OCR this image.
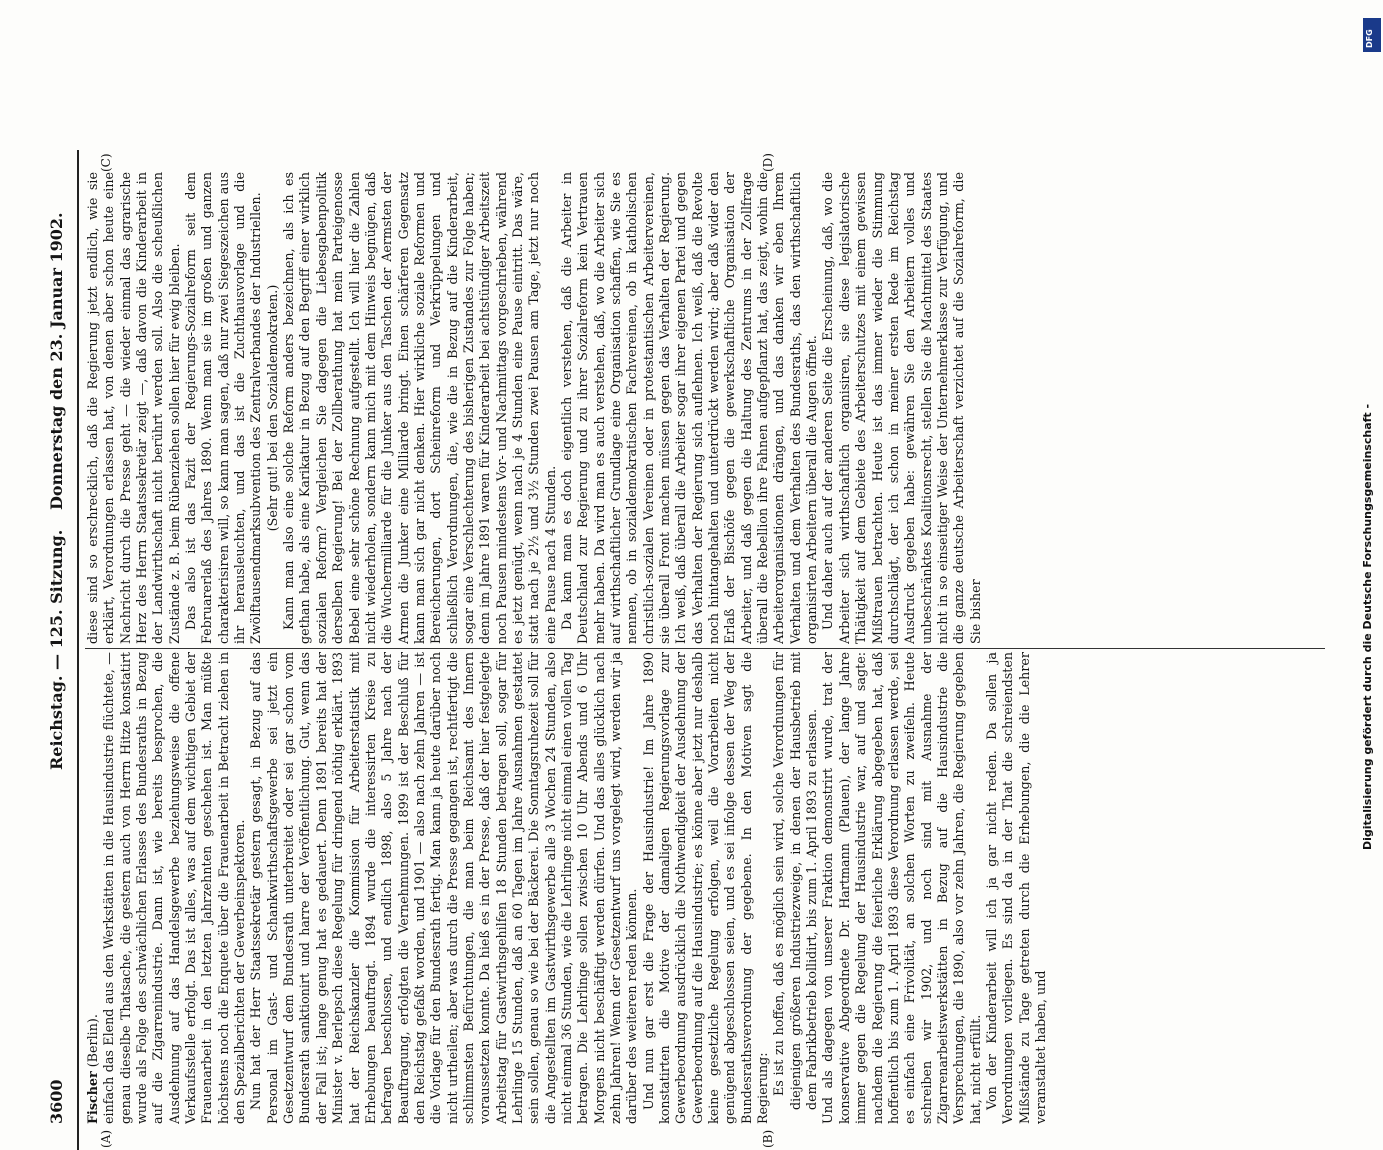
3600
Reichstag. — 125. Sitzung.
Donnerstag den 23. Januar 1902.
(A)	(B)
(C)	(D)

Fischer (Berlin). einfach das Elend aus den Werkstätten in die Hausindustrie flüchtete, — genau dieselbe Thatsache, die gestern auch von Herrn Hitze konstatirt wurde als Folge des schwächlichen Erlasses des Bundesraths in Bezug auf die Zigarrenindustrie. Dann ist, wie bereits besprochen, die Ausdehnung auf das Handelsgewerbe beziehungsweise die offene Verkaufsstelle erfolgt. Das ist alles, was auf dem wichtigen Gebiet der Frauenarbeit in den letzten Jahrzehnten geschehen ist. Man müßte höchstens noch die Enquete über die Frauenarbeit in Betracht ziehen in den Spezialberichten der Gewerbeinspektoren. Nun hat der Herr Staatssekretär gestern gesagt, in Bezug auf das Personal im Gast- und Schankwirthschaftsgewerbe sei jetzt ein Gesetzentwurf dem Bundesrath unterbreitet oder sei gar schon vom Bundesrath sanktionirt und harre der Veröffentlichung. Gut, wenn das der Fall ist; lange genug hat es gedauert. Denn 1891 bereits hat der Minister v. Berlepsch diese Regelung für dringend nöthig erklärt. 1893 hat der Reichskanzler die Kommission für Arbeiterstatistik mit Erhebungen beauftragt. 1894 wurde die interessirten Kreise zu befragen beschlossen, und endlich 1898, also 5 Jahre nach der Beauftragung, erfolgten die Vernehmungen. 1899 ist der Beschluß für den Reichstag gefaßt worden, und 1901 — also nach zehn Jahren — ist die Vorlage für den Bundesrath fertig. Man kann ja heute darüber noch nicht urtheilen; aber was durch die Presse gegangen ist, rechtfertigt die schlimmsten Befürchtungen, die man beim Reichsamt des Innern voraussetzen konnte. Da hieß es in der Presse, daß der hier festgelegte Arbeitstag für Gastwirthsgehilfen 18 Stunden betragen soll, sogar für Lehrlinge 15 Stunden, daß an 60 Tagen im Jahre Ausnahmen gestattet sein sollen, genau so wie bei der Bäckerei. Die Sonntagsruhezeit soll für die Angestellten im Gastwirthsgewerbe alle 3 Wochen 24 Stunden, also nicht einmal 36 Stunden, wie die Lehrlinge nicht einmal einen vollen Tag betragen. Die Lehrlinge sollen zwischen 10 Uhr Abends und 6 Uhr Morgens nicht beschäftigt werden dürfen. Und das alles glücklich nach zehn Jahren! Wenn der Gesetzentwurf uns vorgelegt wird, werden wir ja darüber des weiteren reden können. Und nun gar erst die Frage der Hausindustrie! Im Jahre 1890 konstatirten die Motive der damaligen Regierungsvorlage zur Gewerbeordnung ausdrücklich die Nothwendigkeit der Ausdehnung der Gewerbeordnung auf die Hausindustrie; es könne aber jetzt nur deshalb keine gesetzliche Regelung erfolgen, weil die Vorarbeiten nicht genügend abgeschlossen seien, und es sei infolge dessen der Weg der Bundesrathsverordnung der gegebene. In den Motiven sagt die Regierung: Es ist zu hoffen, daß es möglich sein wird, solche Verordnungen für diejenigen größeren Industriezweige, in denen der Hausbetrieb mit dem Fabrikbetrieb kollidirt, bis zum 1. April 1893 zu erlassen. Und als dagegen von unserer Fraktion demonstrirt wurde, trat der konservative Abgeordnete Dr. Hartmann (Plauen), der lange Jahre immer gegen die Regelung der Hausindustrie war, auf und sagte: nachdem die Regierung die feierliche Erklärung abgegeben hat, daß hoffentlich bis zum 1. April 1893 diese Verordnung erlassen werde, sei es einfach eine Frivolität, an solchen Worten zu zweifeln. Heute schreiben wir 1902, und noch sind mit Ausnahme der Zigarrenarbeitswerkstätten in Bezug auf die Hausindustrie die Versprechungen, die 1890, also vor zehn Jahren, die Regierung gegeben hat, nicht erfüllt. Von der Kinderarbeit will ich ja gar nicht reden. Da sollen ja Verordnungen vorliegen. Es sind da in der That die schreiendsten Mißstände zu Tage getreten durch die Erhebungen, die die Lehrer veranstaltet haben, und

diese sind so erschrecklich, daß die Regierung jetzt endlich, wie sie erklärt, Verordnungen erlassen hat, von denen aber schon heute eine Nachricht durch die Presse geht — die wieder einmal das agrarische Herz des Herrn Staatssekretär zeigt —, daß davon die Kinderarbeit in der Landwirthschaft nicht berührt werden soll. Also die scheußlichen Zustände z. B. beim Rübenziehen sollen hier für ewig bleiben. Das also ist das Fazit der Regierungs-Sozialreform seit dem Februarerlaß des Jahres 1890. Wenn man sie im großen und ganzen charakterisiren will, so kann man sagen, daß nur zwei Siegeszeichen aus ihr herausleuchten, und das ist die Zuchthausvorlage und die Zwölftausendmarksubvention des Zentralverbandes der Industriellen. (Sehr gut! bei den Sozialdemokraten.) Kann man also eine solche Reform anders bezeichnen, als ich es gethan habe, als eine Karikatur in Bezug auf den Begriff einer wirklich sozialen Reform? Vergleichen Sie dagegen die Liebesgabenpolitik derselben Regierung! Bei der Zollberathung hat mein Parteigenosse Bebel eine sehr schöne Rechnung aufgestellt. Ich will hier die Zahlen nicht wiederholen, sondern kann mich mit dem Hinweis begnügen, daß die Wuchermilliarde für die Junker aus den Taschen der Aermsten der Armen die Junker eine Milliarde bringt. Einen schärferen Gegensatz kann man sich gar nicht denken. Hier wirkliche soziale Reformen und Bereicherungen, dort Scheinreform und Verkrüppelungen und schließlich Verordnungen, die, wie die in Bezug auf die Kinderarbeit, sogar eine Verschlechterung des bisherigen Zustandes zur Folge haben; denn im Jahre 1891 waren für Kinderarbeit bei achtstündiger Arbeitszeit noch Pausen mindestens Vor- und Nachmittags vorgeschrieben, während es jetzt genügt, wenn nach je 4 Stunden eine Pause eintritt. Das wäre, statt nach je 2½ und 3½ Stunden zwei Pausen am Tage, jetzt nur noch eine Pause nach 4 Stunden. Da kann man es doch eigentlich verstehen, daß die Arbeiter in Deutschland zur Regierung und zu ihrer Sozialreform kein Vertrauen mehr haben. Da wird man es auch verstehen, daß, wo die Arbeiter sich auf wirthschaftlicher Grundlage eine Organisation schaffen, wie Sie es nennen, ob in sozialdemokratischen Fachvereinen, ob in katholischen christlich-sozialen Vereinen oder in protestantischen Arbeitervereinen, sie überall Front machen müssen gegen das Verhalten der Regierung. Ich weiß, daß überall die Arbeiter sogar ihrer eigenen Partei und gegen das Verhalten der Regierung sich auflehnen. Ich weiß, daß die Revolte noch hintangehalten und unterdrückt werden wird; aber daß wider den Erlaß der Bischöfe gegen die gewerkschaftliche Organisation der Arbeiter, und daß gegen die Haltung des Zentrums in der Zollfrage überall die Rebellion ihre Fahnen aufgepflanzt hat, das zeigt, wohin die Arbeiterorganisationen drängen, und das danken wir eben Ihrem Verhalten und dem Verhalten des Bundesraths, das den wirthschaftlich organisirten Arbeitern überall die Augen öffnet. Und daher auch auf der anderen Seite die Erscheinung, daß, wo die Arbeiter sich wirthschaftlich organisiren, sie diese legislatorische Thätigkeit auf dem Gebiete des Arbeiterschutzes mit einem gewissen Mißtrauen betrachten. Heute ist das immer wieder die Stimmung durchschlägt, der ich schon in meiner ersten Rede im Reichstag Ausdruck gegeben habe: gewähren Sie den Arbeitern volles und unbeschränktes Koalitionsrecht, stellen Sie die Machtmittel des Staates nicht in so einseitiger Weise der Unternehmerklasse zur Verfügung, und die ganze deutsche Arbeiterschaft verzichtet auf die Sozialreform, die Sie bisher

DFG
Digitalisierung gefördert durch die Deutsche Forschungsgemeinschaft -
